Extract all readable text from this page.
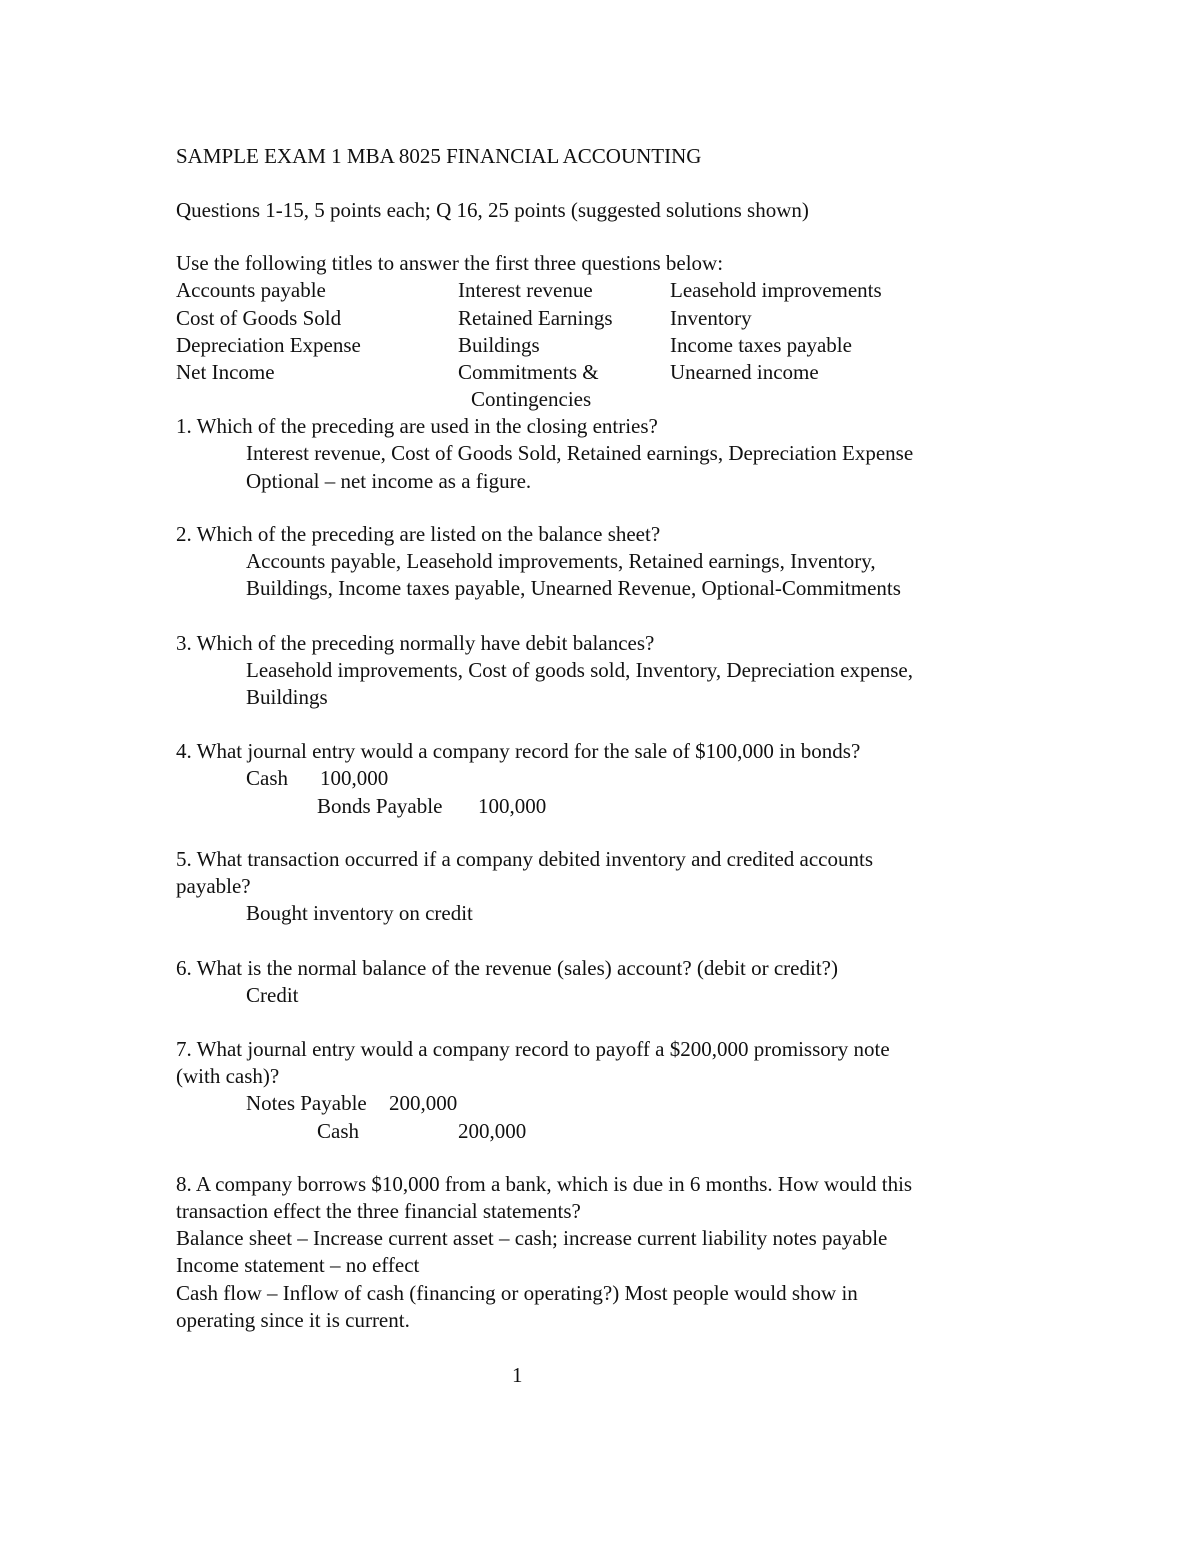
SAMPLE EXAM 1 MBA 8025 FINANCIAL ACCOUNTING
Questions 1-15, 5 points each; Q 16, 25 points (suggested solutions shown)
Use the following titles to answer the first three questions below:
Accounts payable	Interest revenue	Leasehold improvements
Cost of Goods Sold	Retained Earnings	Inventory
Depreciation Expense	Buildings	Income taxes payable
Net Income	Commitments &	Unearned income
Contingencies
1. Which of the preceding are used in the closing entries?
Interest revenue, Cost of Goods Sold, Retained earnings, Depreciation Expense
Optional – net income as a figure.
2. Which of the preceding are listed on the balance sheet?
Accounts payable, Leasehold improvements, Retained earnings, Inventory,
Buildings, Income taxes payable, Unearned Revenue, Optional-Commitments
3. Which of the preceding normally have debit balances?
Leasehold improvements, Cost of goods sold, Inventory, Depreciation expense,
Buildings
4. What journal entry would a company record for the sale of $100,000 in bonds?
Cash 100,000
Bonds Payable 100,000
5. What transaction occurred if a company debited inventory and credited accounts
payable?
Bought inventory on credit
6. What is the normal balance of the revenue (sales) account? (debit or credit?)
Credit
7. What journal entry would a company record to payoff a $200,000 promissory note
(with cash)?
Notes Payable 200,000
Cash	200,000
8. A company borrows $10,000 from a bank, which is due in 6 months. How would this
transaction effect the three financial statements?
Balance sheet – Increase current asset – cash; increase current liability notes payable
Income statement – no effect
Cash flow – Inflow of cash (financing or operating?) Most people would show in
operating since it is current.
1
